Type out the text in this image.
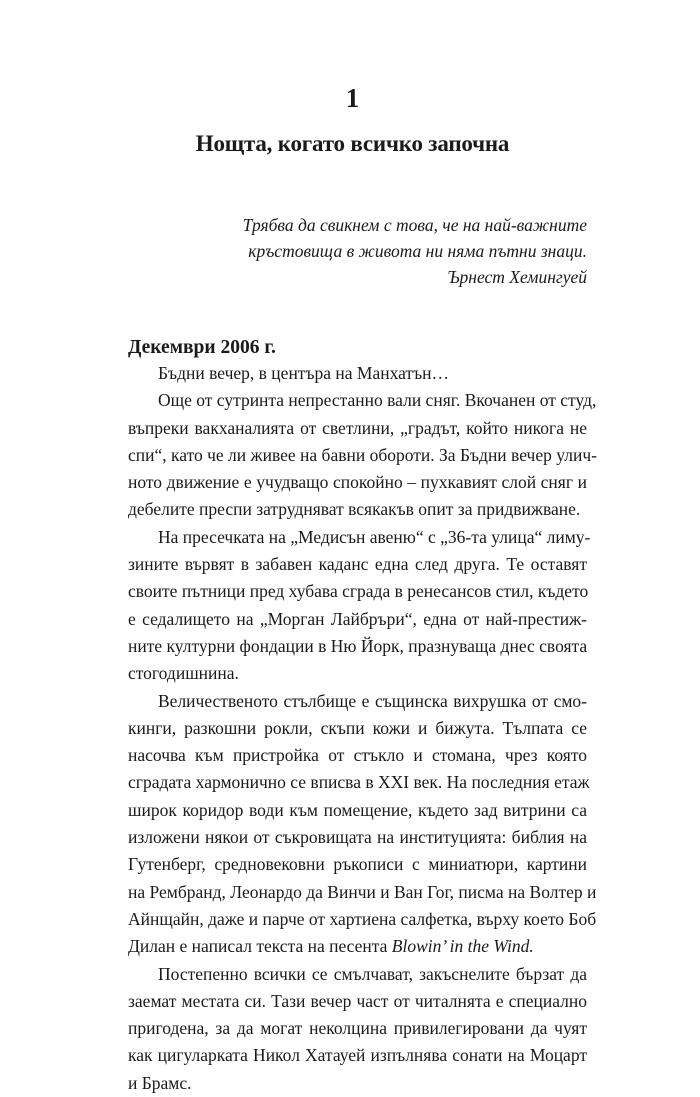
1
Нощта, когато всичко започна
Трябва да свикнем с това, че на най-важните
кръстовища в живота ни няма пътни знаци.
Ърнест Хемингуей
Декември 2006 г.
Бъдни вечер, в центъра на Манхатън…
Още от сутринта непрестанно вали сняг. Вкочанен от студ,
въпреки вакханалията от светлини, „градът, който никога не
спи“, като че ли живее на бавни обороти. За Бъдни вечер улич-
ното движение е учудващо спокойно – пухкавият слой сняг и
дебелите преспи затрудняват всякакъв опит за придвижване.
На пресечката на „Медисън авеню“ с „36-та улица“ лиму-
зините вървят в забавен каданс една след друга. Те оставят
своите пътници пред хубава сграда в ренесансов стил, където
е седалището на „Морган Лайбръри“, една от най-престиж-
ните културни фондации в Ню Йорк, празнуваща днес своята
стогодишнина.
Величественото стълбище е същинска вихрушка от смо-
кинги, разкошни рокли, скъпи кожи и бижута. Тълпата се
насочва към пристройка от стъкло и стомана, чрез която
сградата хармонично се вписва в XXI век. На последния етаж
широк коридор води към помещение, където зад витрини са
изложени някои от съкровищата на институцията: библия на
Гутенберг, средновековни ръкописи с миниатюри, картини
на Рембранд, Леонардо да Винчи и Ван Гог, писма на Волтер и
Айнщайн, даже и парче от хартиена салфетка, върху което Боб
Дилан е написал текста на песента Blowin’ in the Wind.
Постепенно всички се смълчават, закъснелите бързат да
заемат местата си. Тази вечер част от читалнята е специално
пригодена, за да могат неколцина привилегировани да чуят
как цигуларката Никол Хатауей изпълнява сонати на Моцарт
и Брамс.
